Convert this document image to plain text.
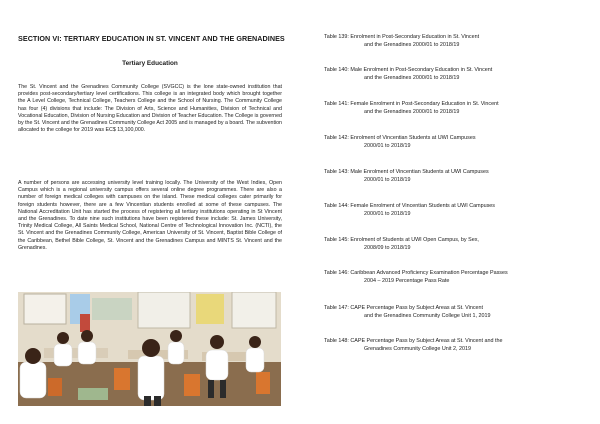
SECTION VI: TERTIARY EDUCATION IN ST. VINCENT AND THE GRENADINES
Tertiary Education
The St. Vincent and the Grenadines Community College (SVGCC) is the lone state-owned institution that provides post-secondary/tertiary level certifications. This college is an integrated body which brought together the A Level College, Technical College, Teachers College and the School of Nursing. The Community College has four (4) divisions that include: The Division of Arts, Science and Humanities, Division of Technical and Vocational Education, Division of Nursing Education and Division of Teacher Education. The College is governed by the St. Vincent and the Grenadines Community College Act 2005 and is managed by a board. The subvention allocated to the college for 2019 was EC$ 13,100,000.
A number of persons are accessing university level training locally. The University of the West Indies, Open Campus which is a regional university campus offers several online degree programmes. There are also a number of foreign medical colleges with campuses on the island. These medical colleges cater primarily for foreign students however, there are a few Vincentian students enrolled at some of these campuses. The National Accreditation Unit has started the process of registering all tertiary institutions operating in St Vincent and the Grenadines. To date nine such institutions have been registered these include: St. James University, Trinity Medical College, All Saints Medical School, National Centre of Technological Innovation Inc. (NCTI), the St. Vincent and the Grenadines Community College, American University of St. Vincent, Baptist Bible College of the Caribbean, Bethel Bible College, St. Vincent and the Grenadines Campus and MINTS St. Vincent and the Grenadines.
Table 139: Enrolment in Post-Secondary Education in St. Vincent
and the Grenadines 2000/01 to 2018/19
Table 140: Male Enrolment in Post-Secondary Education in St. Vincent
and the Grenadines 2000/01 to 2018/19
Table 141: Female Enrolment in Post-Secondary Education in St. Vincent
and the Grenadines 2000/01 to 2018/19
Table 142: Enrolment of Vincentian Students at UWI Campuses
2000/01 to 2018/19
Table 143: Male Enrolment of Vincentian Students at UWI Campuses
2000/01 to 2018/19
Table 144: Female Enrolment of Vincentian Students at UWI Campuses
2000/01 to 2018/19
Table 145: Enrolment of Students at UWI Open Campus, by Sex,
2008/09 to 2018/19
Table 146: Caribbean Advanced Proficiency Examination Percentage Passes
2004 – 2019 Percentage Pass Rate
Table 147: CAPE Percentage Pass by Subject Areas at St. Vincent
and the Grenadines Community College Unit 1, 2019
Table 148: CAPE Percentage Pass by Subject Areas at St. Vincent and the
Grenadines Community College Unit 2, 2019
